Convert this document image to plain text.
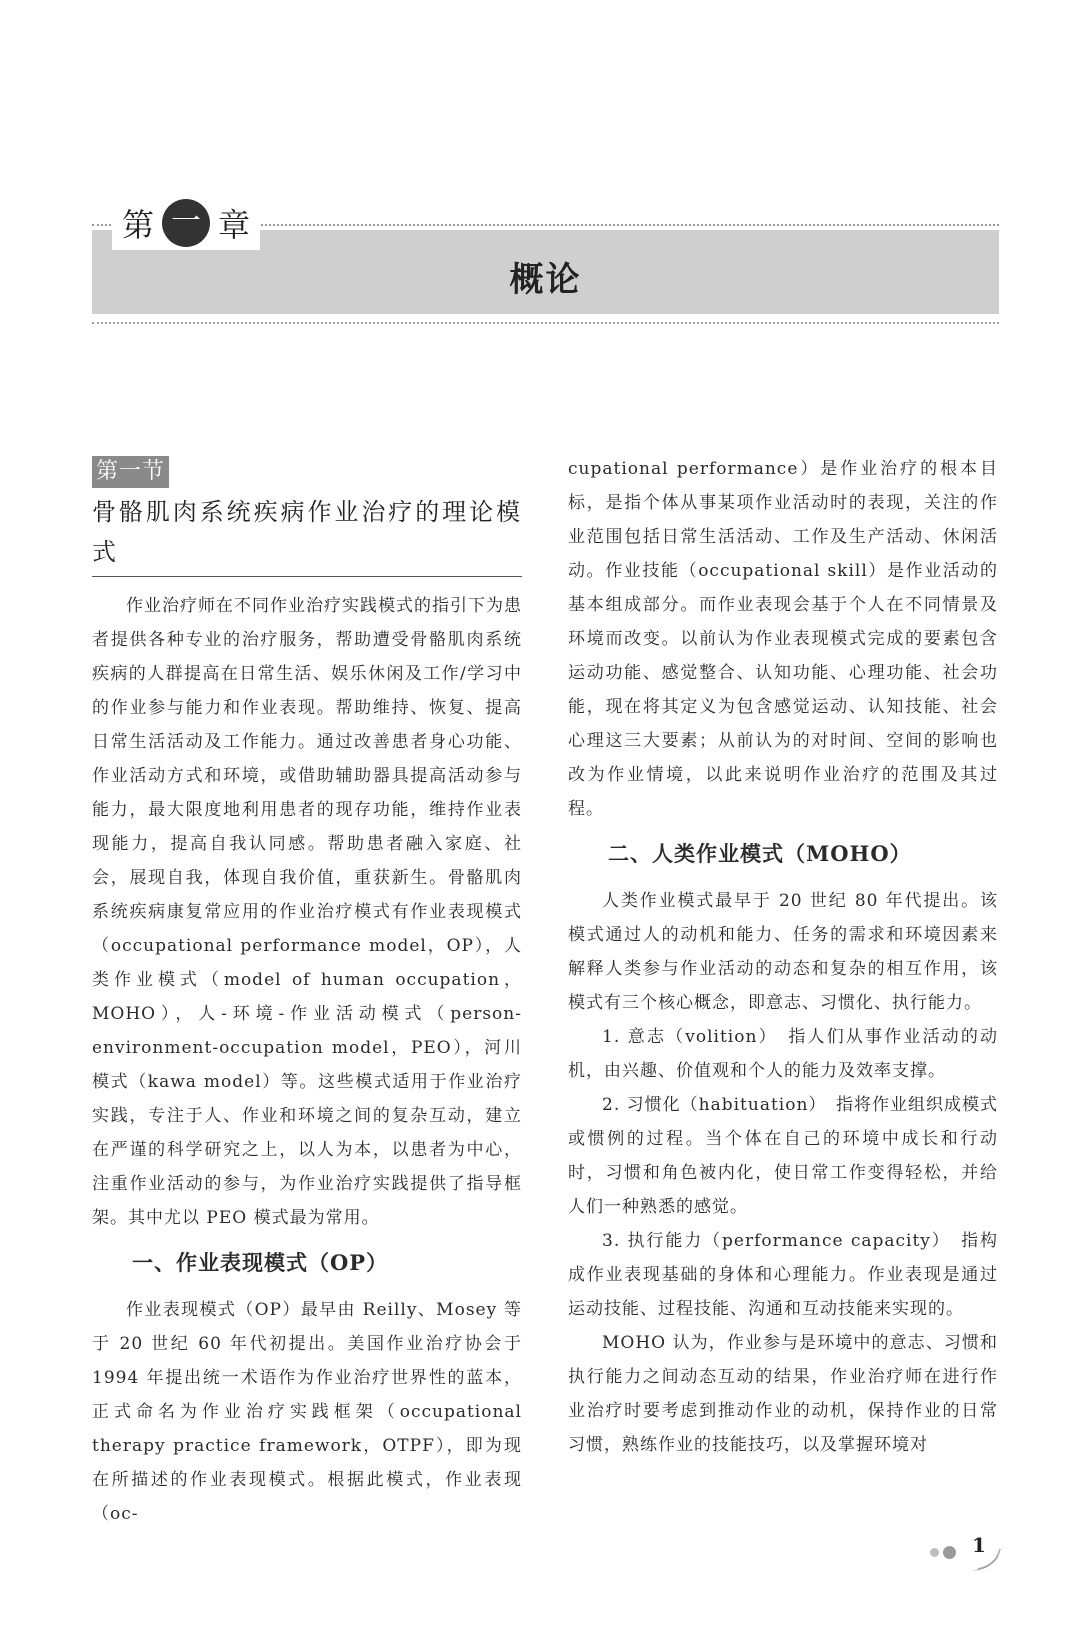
概论
第 一 章
第一节
骨骼肌肉系统疾病作业治疗的理论模式

作业治疗师在不同作业治疗实践模式的指引下为患者提供各种专业的治疗服务，帮助遭受骨骼肌肉系统疾病的人群提高在日常生活、娱乐休闲及工作/学习中的作业参与能力和作业表现。帮助维持、恢复、提高日常生活活动及工作能力。通过改善患者身心功能、作业活动方式和环境，或借助辅助器具提高活动参与能力，最大限度地利用患者的现存功能，维持作业表现能力，提高自我认同感。帮助患者融入家庭、社会，展现自我，体现自我价值，重获新生。骨骼肌肉系统疾病康复常应用的作业治疗模式有作业表现模式（occupational performance model，OP），人类作业模式（model of human occupation，MOHO），人-环境-作业活动模式（person-environment-occupation model，PEO），河川模式（kawa model）等。这些模式适用于作业治疗实践，专注于人、作业和环境之间的复杂互动，建立在严谨的科学研究之上，以人为本，以患者为中心，注重作业活动的参与，为作业治疗实践提供了指导框架。其中尤以 PEO 模式最为常用。

一、作业表现模式（OP）

作业表现模式（OP）最早由 Reilly、Mosey 等于 20 世纪 60 年代初提出。美国作业治疗协会于 1994 年提出统一术语作为作业治疗世界性的蓝本，正式命名为作业治疗实践框架（occupational therapy practice framework，OTPF），即为现在所描述的作业表现模式。根据此模式，作业表现（oc-

cupational performance）是作业治疗的根本目标，是指个体从事某项作业活动时的表现，关注的作业范围包括日常生活活动、工作及生产活动、休闲活动。作业技能（occupational skill）是作业活动的基本组成部分。而作业表现会基于个人在不同情景及环境而改变。以前认为作业表现模式完成的要素包含运动功能、感觉整合、认知功能、心理功能、社会功能，现在将其定义为包含感觉运动、认知技能、社会心理这三大要素；从前认为的对时间、空间的影响也改为作业情境，以此来说明作业治疗的范围及其过程。

二、人类作业模式（MOHO）

人类作业模式最早于 20 世纪 80 年代提出。该模式通过人的动机和能力、任务的需求和环境因素来解释人类参与作业活动的动态和复杂的相互作用，该模式有三个核心概念，即意志、习惯化、执行能力。

1. 意志（volition）　指人们从事作业活动的动机，由兴趣、价值观和个人的能力及效率支撑。

2. 习惯化（habituation）　指将作业组织成模式或惯例的过程。当个体在自己的环境中成长和行动时，习惯和角色被内化，使日常工作变得轻松，并给人们一种熟悉的感觉。

3. 执行能力（performance capacity）　指构成作业表现基础的身体和心理能力。作业表现是通过运动技能、过程技能、沟通和互动技能来实现的。

MOHO 认为，作业参与是环境中的意志、习惯和执行能力之间动态互动的结果，作业治疗师在进行作业治疗时要考虑到推动作业的动机，保持作业的日常习惯，熟练作业的技能技巧，以及掌握环境对

1
